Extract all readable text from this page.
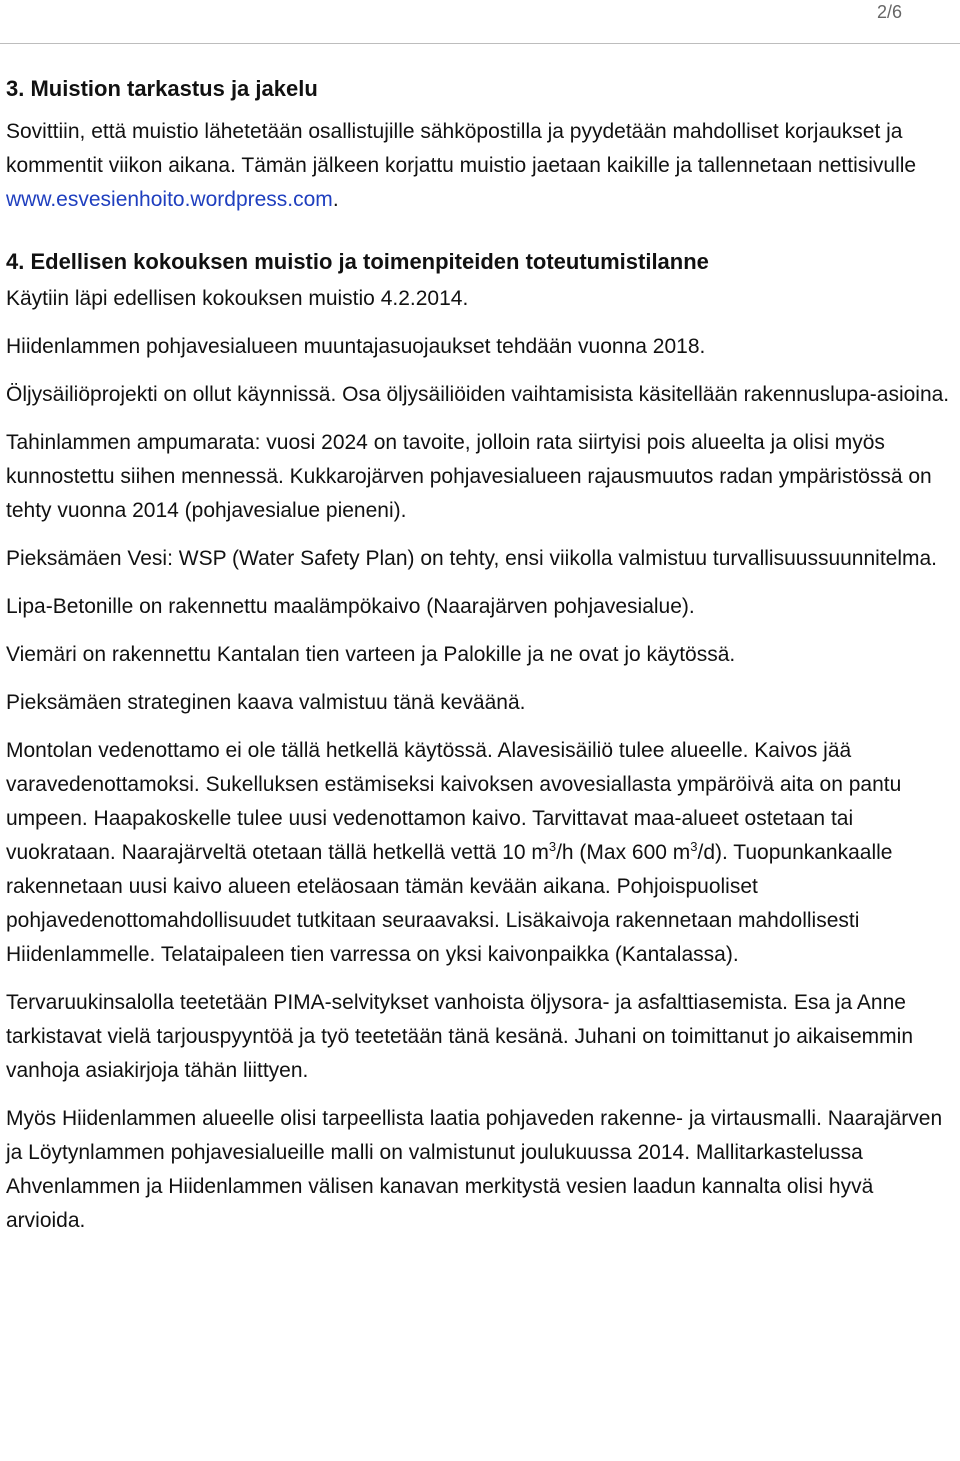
2/6
3. Muistion tarkastus ja jakelu

Sovittiin, että muistio lähetetään osallistujille sähköpostilla ja pyydetään mahdolliset korjaukset ja kommentit viikon aikana. Tämän jälkeen korjattu muistio jaetaan kaikille ja tallennetaan nettisivulle www.esvesienhoito.wordpress.com.

4. Edellisen kokouksen muistio ja toimenpiteiden toteutumistilanne

Käytiin läpi edellisen kokouksen muistio 4.2.2014.

Hiidenlammen pohjavesialueen muuntajasuojaukset tehdään vuonna 2018.

Öljysäiliöprojekti on ollut käynnissä. Osa öljysäiliöiden vaihtamisista käsitellään rakennuslupa-asioina.

Tahinlammen ampumarata: vuosi 2024 on tavoite, jolloin rata siirtyisi pois alueelta ja olisi myös kunnostettu siihen mennessä. Kukkarojärven pohjavesialueen rajausmuutos radan ympäristössä on tehty vuonna 2014 (pohjavesialue pieneni).

Pieksämäen Vesi: WSP (Water Safety Plan) on tehty, ensi viikolla valmistuu turvallisuussuunnitelma.

Lipa-Betonille on rakennettu maalämpökaivo (Naarajärven pohjavesialue).

Viemäri on rakennettu Kantalan tien varteen ja Palokille ja ne ovat jo käytössä.

Pieksämäen strateginen kaava valmistuu tänä keväänä.

Montolan vedenottamo ei ole tällä hetkellä käytössä. Alavesisäiliö tulee alueelle. Kaivos jää varavedenottamoksi. Sukelluksen estämiseksi kaivoksen avovesiallasta ympäröivä aita on pantu umpeen. Haapakoskelle tulee uusi vedenottamon kaivo. Tarvittavat maa-alueet ostetaan tai vuokrataan. Naarajärveltä otetaan tällä hetkellä vettä 10 $m^3/h$ (Max 600 $m^3/d$). Tuopunkankaalle rakennetaan uusi kaivo alueen eteläosaan tämän kevään aikana. Pohjoispuoliset pohjavedenottomahdollisuudet tutkitaan seuraavaksi. Lisäkaivoja rakennetaan mahdollisesti Hiidenlammelle. Telataipaleen tien varressa on yksi kaivonpaikka (Kantalassa).

Tervaruukinsalolla teetetään PIMA-selvitykset vanhoista öljysora- ja asfalttiasemista. Esa ja Anne tarkistavat vielä tarjouspyyntöä ja työ teetetään tänä kesänä. Juhani on toimittanut jo aikaisemmin vanhoja asiakirjoja tähän liittyen.

Myös Hiidenlammen alueelle olisi tarpeellista laatia pohjaveden rakenne- ja virtausmalli. Naarajärven ja Löytynlammen pohjavesialueille malli on valmistunut joulukuussa 2014. Mallitarkastelussa Ahvenlammen ja Hiidenlammen välisen kanavan merkitystä vesien laadun kannalta olisi hyvä arvioida.
